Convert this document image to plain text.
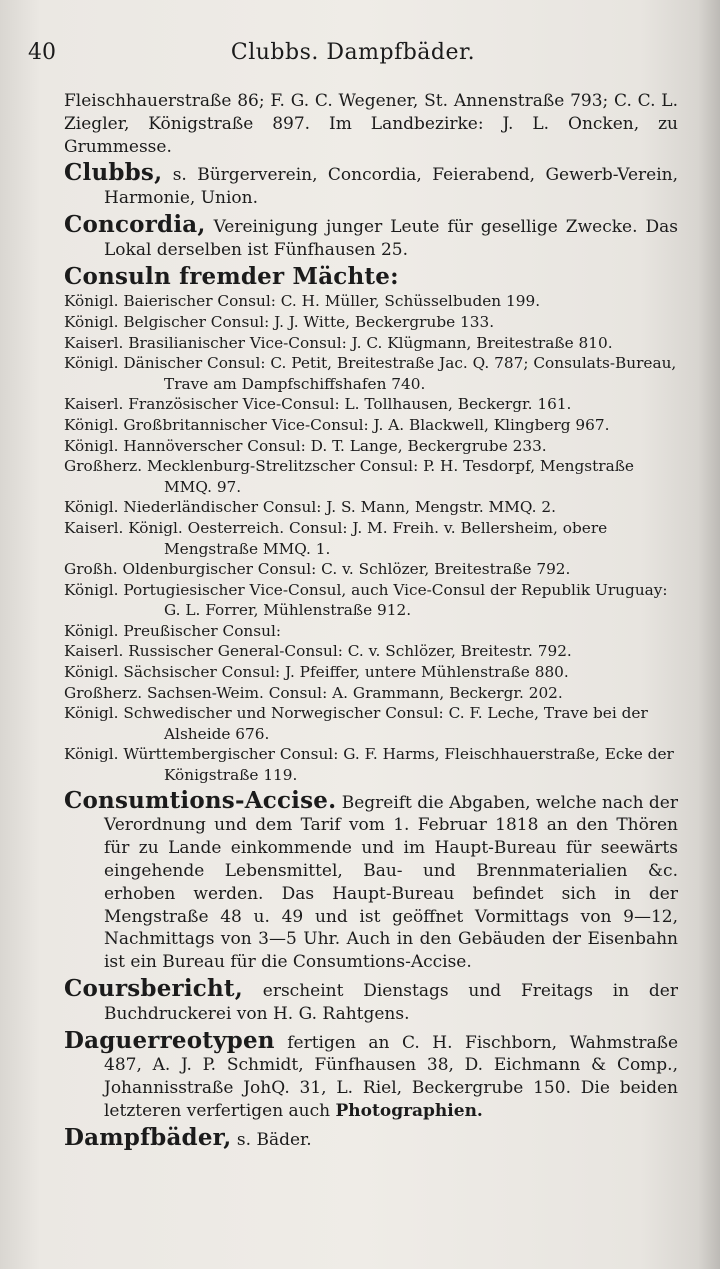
40	Clubbs. Dampfbäder.

Fleischhauerstraße 86; F. G. C. Wegener, St. Annenstraße 793; C. C. L. Ziegler, Königstraße 897. Im Landbezirke: J. L. Oncken, zu Grummesse.

Clubbs, s. Bürgerverein, Concordia, Feierabend, Gewerb-Verein, Harmonie, Union.

Concordia, Vereinigung junger Leute für gesellige Zwecke. Das Lokal derselben ist Fünfhausen 25.

Consuln fremder Mächte:

Königl. Baierischer Consul: C. H. Müller, Schüsselbuden 199.

Königl. Belgischer Consul: J. J. Witte, Beckergrube 133.

Kaiserl. Brasilianischer Vice-Consul: J. C. Klügmann, Breitestraße 810.

Königl. Dänischer Consul: C. Petit, Breitestraße Jac. Q. 787; Consulats-Bureau, Trave am Dampfschiffshafen 740.

Kaiserl. Französischer Vice-Consul: L. Tollhausen, Beckergr. 161.

Königl. Großbritannischer Vice-Consul: J. A. Blackwell, Klingberg 967.

Königl. Hannöverscher Consul: D. T. Lange, Beckergrube 233.

Großherz. Mecklenburg-Strelitzscher Consul: P. H. Tesdorpf, Mengstraße MMQ. 97.

Königl. Niederländischer Consul: J. S. Mann, Mengstr. MMQ. 2.

Kaiserl. Königl. Oesterreich. Consul: J. M. Freih. v. Bellersheim, obere Mengstraße MMQ. 1.

Großh. Oldenburgischer Consul: C. v. Schlözer, Breitestraße 792.

Königl. Portugiesischer Vice-Consul, auch Vice-Consul der Republik Uruguay: G. L. Forrer, Mühlenstraße 912.

Königl. Preußischer Consul:

Kaiserl. Russischer General-Consul: C. v. Schlözer, Breitestr. 792.

Königl. Sächsischer Consul: J. Pfeiffer, untere Mühlenstraße 880.

Großherz. Sachsen-Weim. Consul: A. Grammann, Beckergr. 202.

Königl. Schwedischer und Norwegischer Consul: C. F. Leche, Trave bei der Alsheide 676.

Königl. Württembergischer Consul: G. F. Harms, Fleischhauerstraße, Ecke der Königstraße 119.

Consumtions-Accise. Begreift die Abgaben, welche nach der Verordnung und dem Tarif vom 1. Februar 1818 an den Thören für zu Lande einkommende und im Haupt-Bureau für seewärts eingehende Lebensmittel, Bau- und Brennmaterialien &c. erhoben werden. Das Haupt-Bureau befindet sich in der Mengstraße 48 u. 49 und ist geöffnet Vormittags von 9—12, Nachmittags von 3—5 Uhr. Auch in den Gebäuden der Eisenbahn ist ein Bureau für die Consumtions-Accise.

Coursbericht, erscheint Dienstags und Freitags in der Buchdruckerei von H. G. Rahtgens.

Daguerreotypen fertigen an C. H. Fischborn, Wahmstraße 487, A. J. P. Schmidt, Fünfhausen 38, D. Eichmann & Comp., Johannisstraße JohQ. 31, L. Riel, Beckergrube 150. Die beiden letzteren verfertigen auch Photographien.

Dampfbäder, s. Bäder.
